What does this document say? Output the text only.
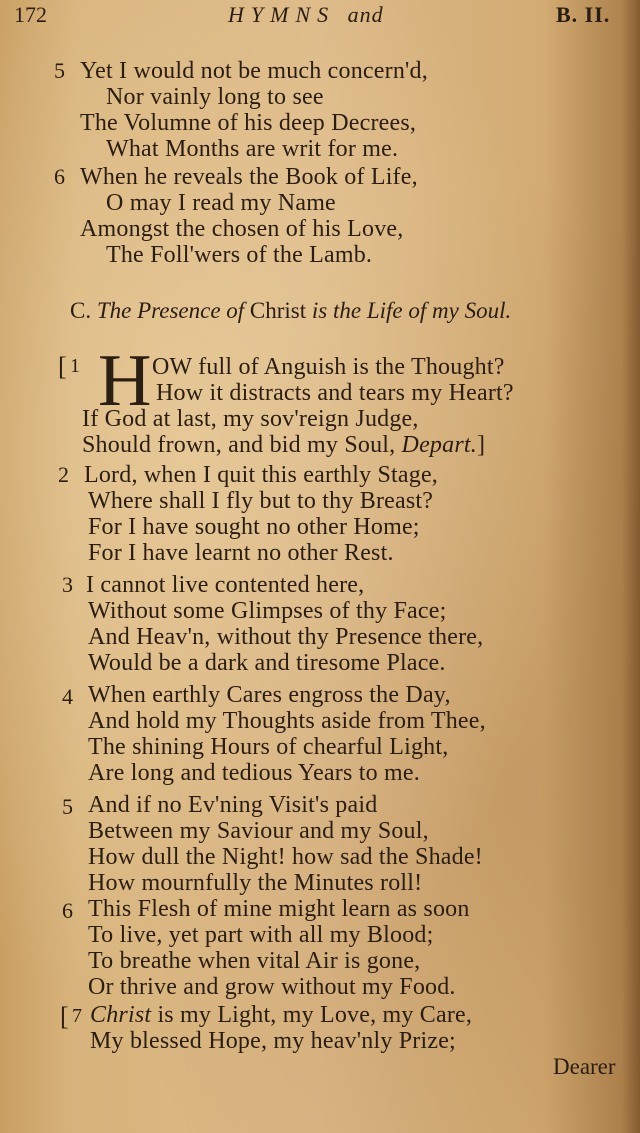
172	HYMNS and	B. II.
5 Yet I would not be much concern'd,
Nor vainly long to see
The Volumne of his deep Decrees,
What Months are writ for me.
6 When he reveals the Book of Life,
O may I read my Name
Amongst the chosen of his Love,
The Foll'wers of the Lamb.
C. The Presence of Christ is the Life of my Soul.
[ 1 H OW full of Anguish is the Thought?
How it distracts and tears my Heart?
If God at last, my sov'reign Judge,
Should frown, and bid my Soul, Depart.]
2 Lord, when I quit this earthly Stage,
Where shall I fly but to thy Breast?
For I have sought no other Home;
For I have learnt no other Rest.
3 I cannot live contented here,
Without some Glimpses of thy Face;
And Heav'n, without thy Presence there,
Would be a dark and tiresome Place.
4 When earthly Cares engross the Day,
And hold my Thoughts aside from Thee,
The shining Hours of chearful Light,
Are long and tedious Years to me.
5 And if no Ev'ning Visit's paid
Between my Saviour and my Soul,
How dull the Night! how sad the Shade!
How mournfully the Minutes roll!
6 This Flesh of mine might learn as soon
To live, yet part with all my Blood;
To breathe when vital Air is gone,
Or thrive and grow without my Food.
[ 7 Christ is my Light, my Love, my Care,
My blessed Hope, my heav'nly Prize;
Dearer
